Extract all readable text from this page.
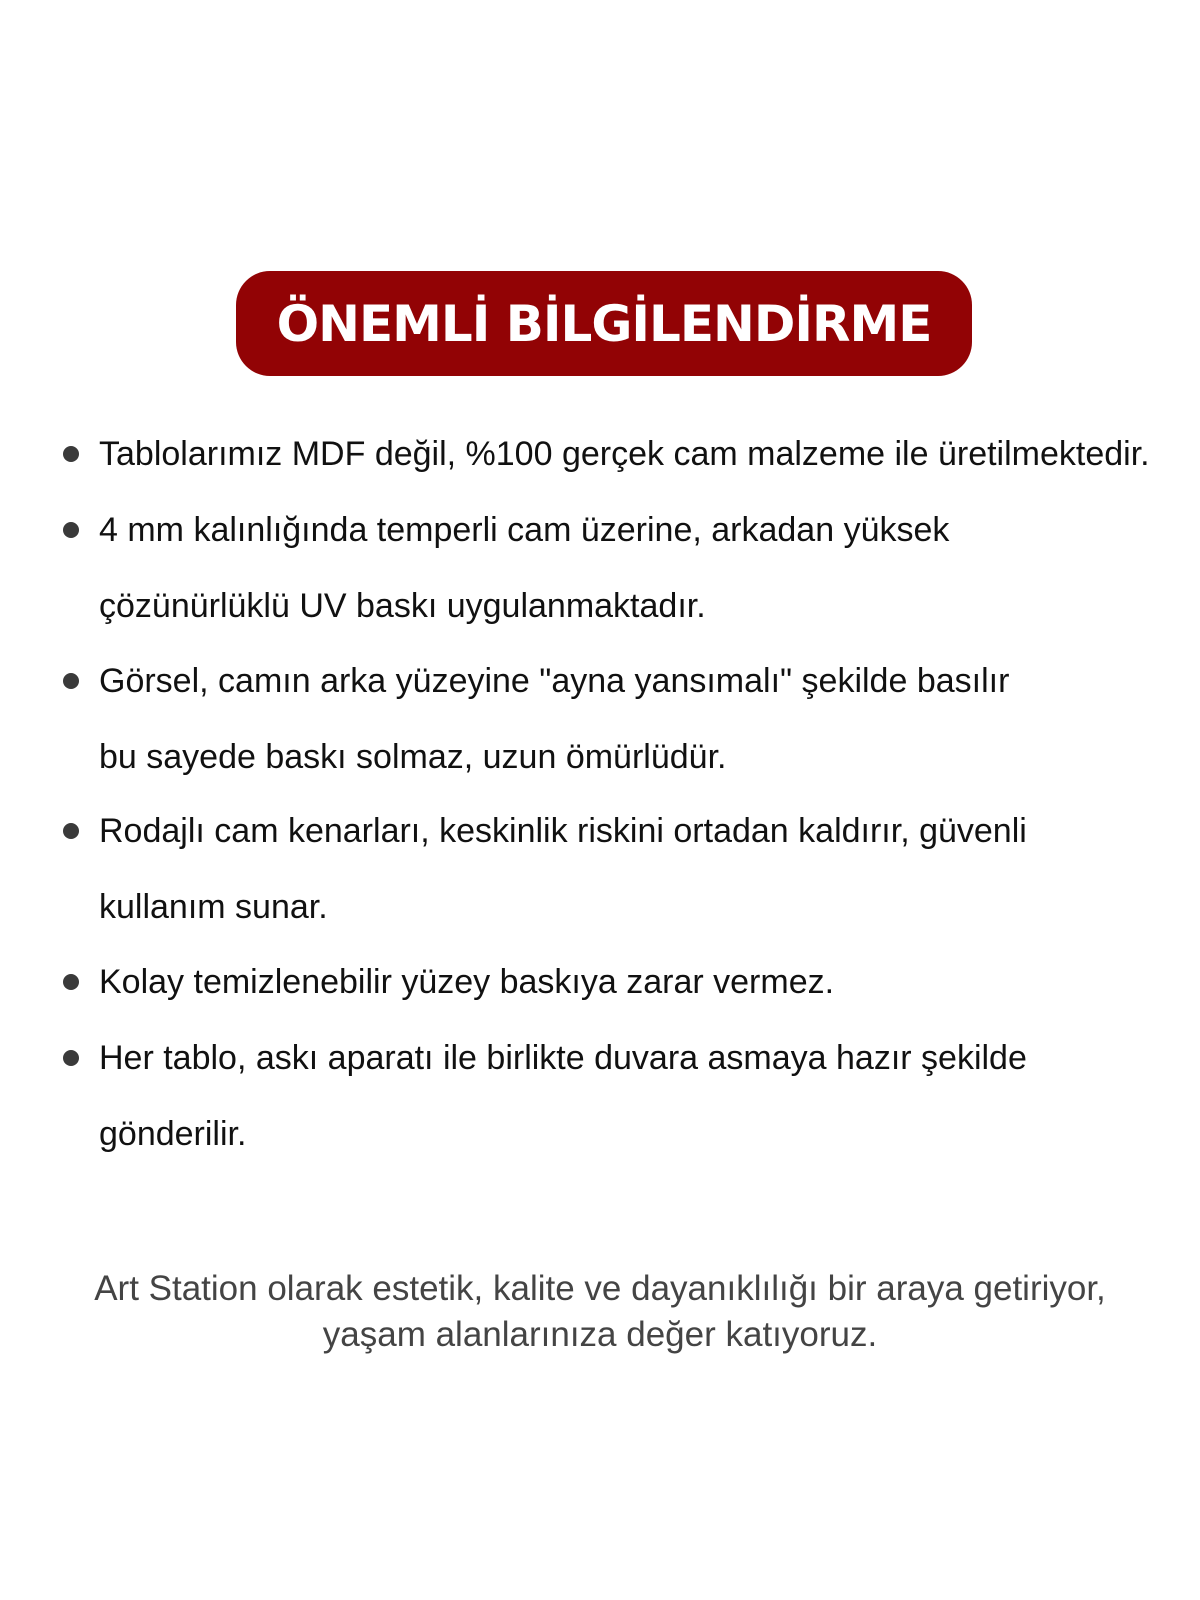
ÖNEMLİ BİLGİLENDİRME
Tablolarımız MDF değil, %100 gerçek cam malzeme ile üretilmektedir.
4 mm kalınlığında temperli cam üzerine, arkadan yüksek
çözünürlüklü UV baskı uygulanmaktadır.
Görsel, camın arka yüzeyine "ayna yansımalı" şekilde basılır
bu sayede baskı solmaz, uzun ömürlüdür.
Rodajlı cam kenarları, keskinlik riskini ortadan kaldırır, güvenli
kullanım sunar.
Kolay temizlenebilir yüzey baskıya zarar vermez.
Her tablo, askı aparatı ile birlikte duvara asmaya hazır şekilde
gönderilir.
Art Station olarak estetik, kalite ve dayanıklılığı bir araya getiriyor,
yaşam alanlarınıza değer katıyoruz.
